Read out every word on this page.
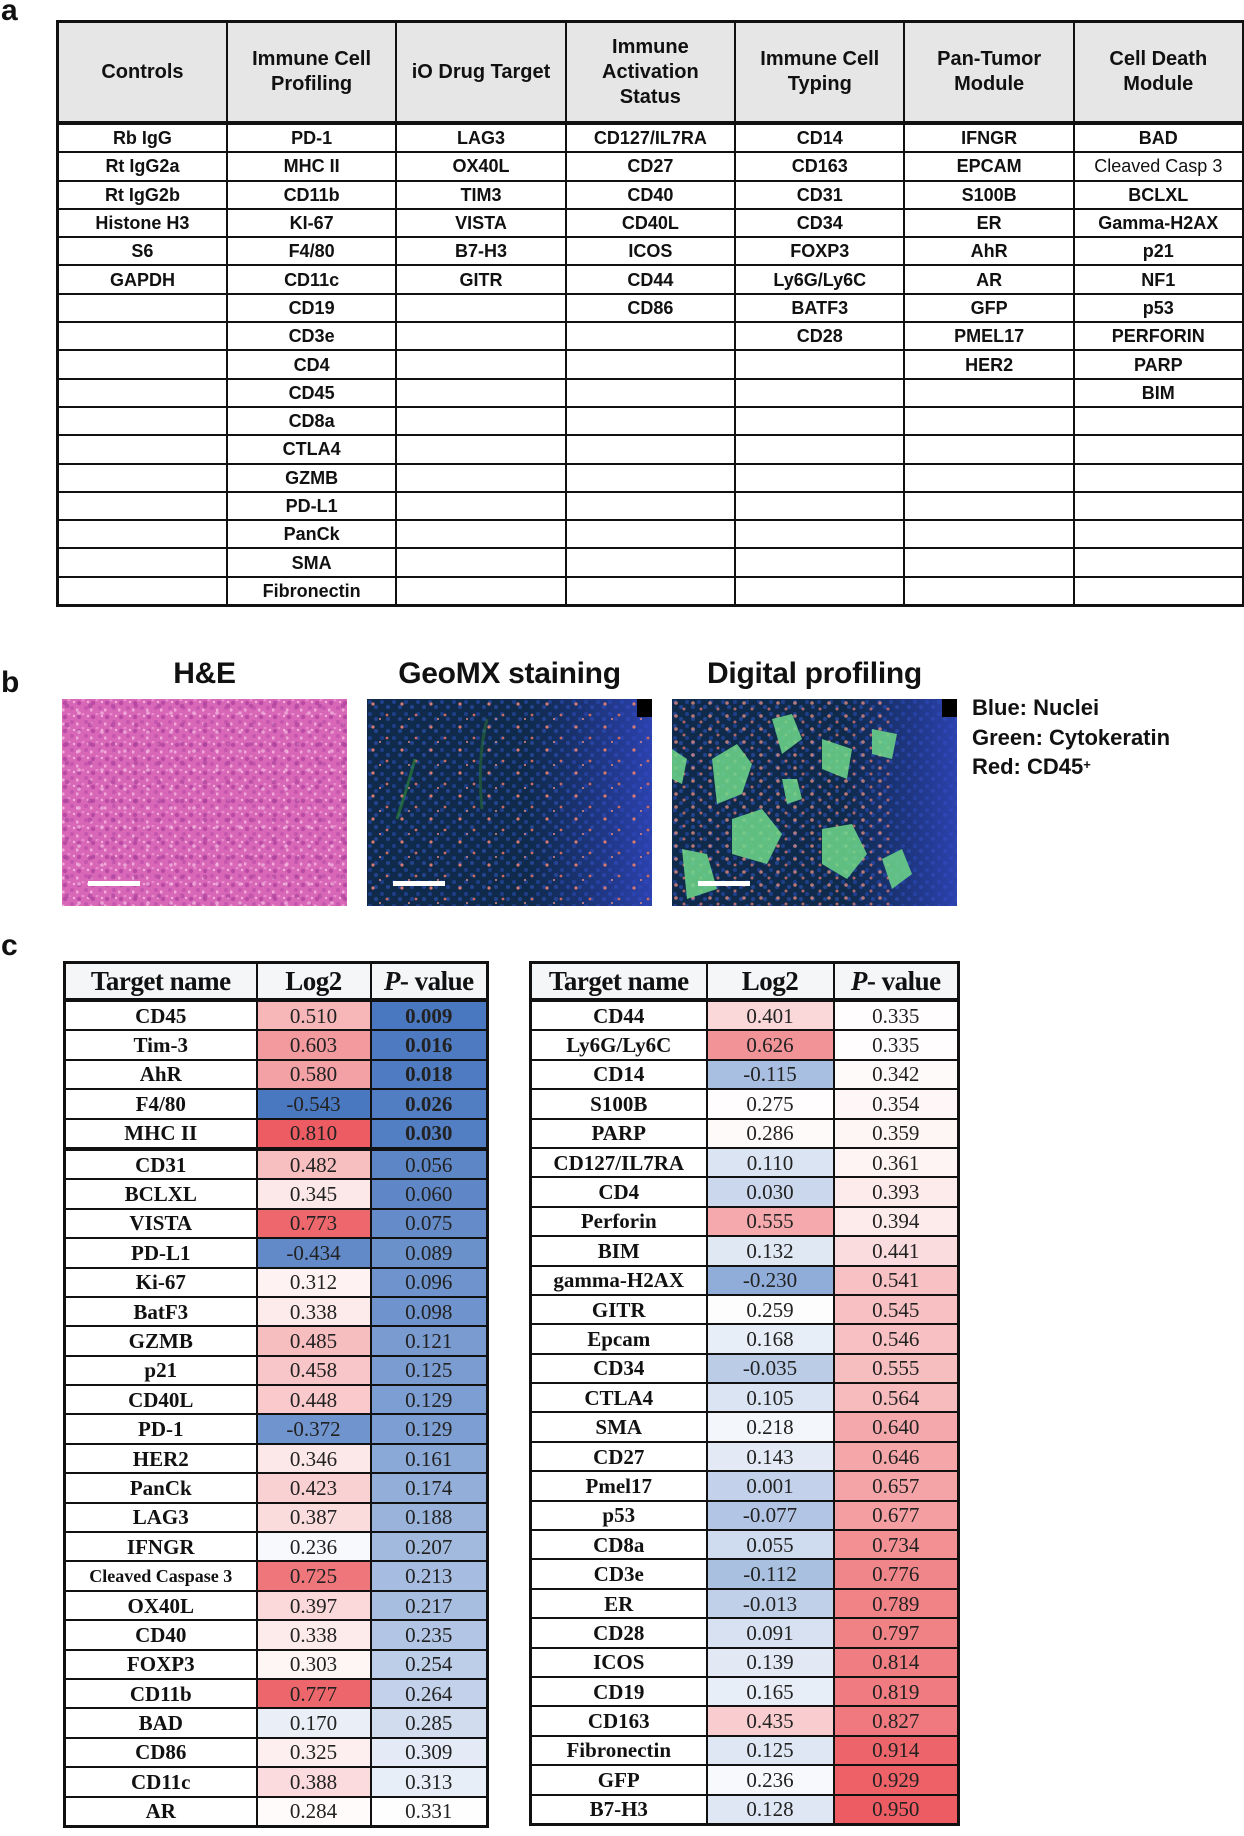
a
Controls	Immune Cell Profiling	iO Drug Target	Immune Activation Status	Immune Cell Typing	Pan-Tumor Module	Cell Death Module
Rb IgG	PD-1	LAG3	CD127/IL7RA	CD14	IFNGR	BAD
Rt IgG2a	MHC II	OX40L	CD27	CD163	EPCAM	Cleaved Casp 3
Rt IgG2b	CD11b	TIM3	CD40	CD31	S100B	BCLXL
Histone H3	KI-67	VISTA	CD40L	CD34	ER	Gamma-H2AX
S6	F4/80	B7-H3	ICOS	FOXP3	AhR	p21
GAPDH	CD11c	GITR	CD44	Ly6G/Ly6C	AR	NF1
	CD19		CD86	BATF3	GFP	p53
	CD3e			CD28	PMEL17	PERFORIN
	CD4				HER2	PARP
	CD45					BIM
	CD8a					
	CTLA4					
	GZMB					
	PD-L1					
	PanCk					
	SMA					
	Fibronectin					
b	H&E	GeoMX staining	Digital profiling
Blue: Nuclei
Green: Cytokeratin
Red: CD45+
c
Target name	Log2	P- value
CD45	0.510	0.009
Tim-3	0.603	0.016
AhR	0.580	0.018
F4/80	-0.543	0.026
MHC II	0.810	0.030
CD31	0.482	0.056
BCLXL	0.345	0.060
VISTA	0.773	0.075
PD-L1	-0.434	0.089
Ki-67	0.312	0.096
BatF3	0.338	0.098
GZMB	0.485	0.121
p21	0.458	0.125
CD40L	0.448	0.129
PD-1	-0.372	0.129
HER2	0.346	0.161
PanCk	0.423	0.174
LAG3	0.387	0.188
IFNGR	0.236	0.207
Cleaved Caspase 3	0.725	0.213
OX40L	0.397	0.217
CD40	0.338	0.235
FOXP3	0.303	0.254
CD11b	0.777	0.264
BAD	0.170	0.285
CD86	0.325	0.309
CD11c	0.388	0.313
AR	0.284	0.331
Target name	Log2	P- value
CD44	0.401	0.335
Ly6G/Ly6C	0.626	0.335
CD14	-0.115	0.342
S100B	0.275	0.354
PARP	0.286	0.359
CD127/IL7RA	0.110	0.361
CD4	0.030	0.393
Perforin	0.555	0.394
BIM	0.132	0.441
gamma-H2AX	-0.230	0.541
GITR	0.259	0.545
Epcam	0.168	0.546
CD34	-0.035	0.555
CTLA4	0.105	0.564
SMA	0.218	0.640
CD27	0.143	0.646
Pmel17	0.001	0.657
p53	-0.077	0.677
CD8a	0.055	0.734
CD3e	-0.112	0.776
ER	-0.013	0.789
CD28	0.091	0.797
ICOS	0.139	0.814
CD19	0.165	0.819
CD163	0.435	0.827
Fibronectin	0.125	0.914
GFP	0.236	0.929
B7-H3	0.128	0.950
